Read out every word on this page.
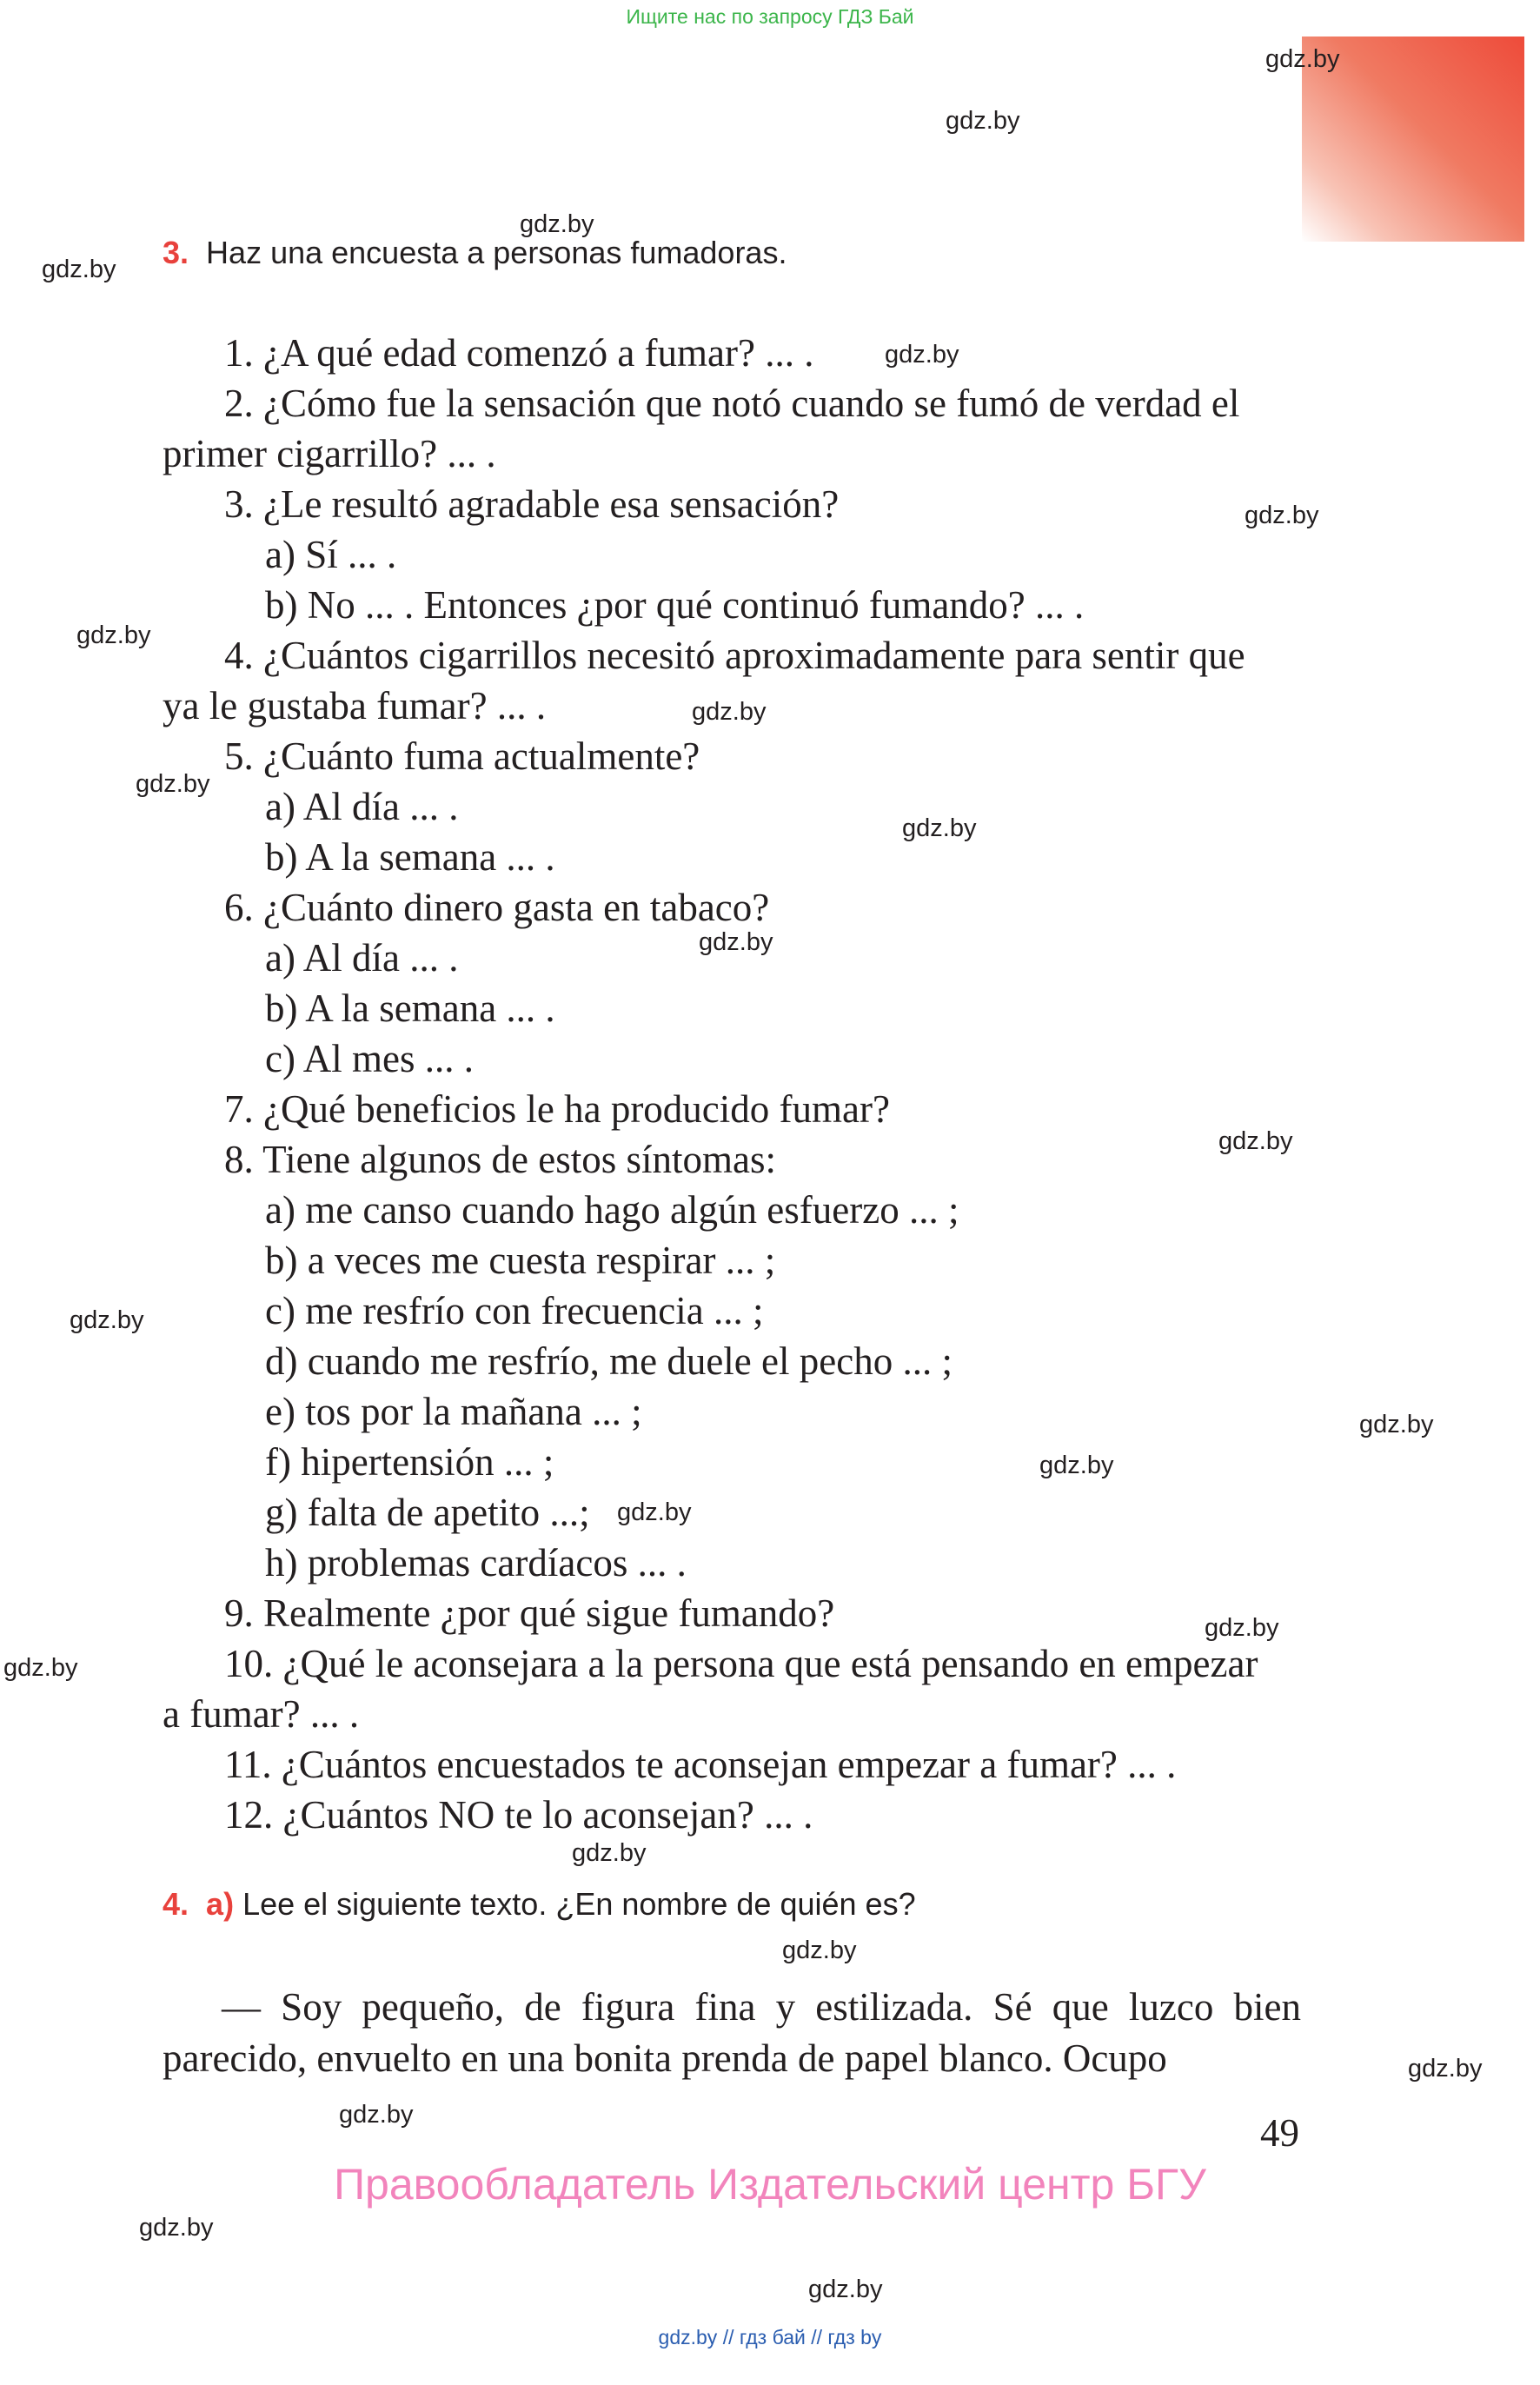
Ищите нас по запросу ГДЗ Бай
gdz.by
gdz.by
gdz.by
gdz.by
gdz.by
gdz.by
gdz.by
gdz.by
gdz.by
gdz.by
gdz.by
gdz.by
gdz.by
gdz.by
gdz.by
gdz.by
gdz.by
gdz.by
gdz.by
gdz.by
gdz.by
gdz.by
gdz.by
gdz.by
3. Haz una encuesta a personas fumadoras.
1. ¿A qué edad comenzó a fumar? ... .
2. ¿Cómo fue la sensación que notó cuando se fumó de verdad el
primer cigarrillo? ... .
3. ¿Le resultó agradable esa sensación?
a) Sí ... .
b) No ... . Entonces ¿por qué continuó fumando? ... .
4. ¿Cuántos cigarrillos necesitó aproximadamente para sentir que
ya le gustaba fumar? ... .
5. ¿Cuánto fuma actualmente?
a) Al día ... .
b) A la semana ... .
6. ¿Cuánto dinero gasta en tabaco?
a) Al día ... .
b) A la semana ... .
c) Al mes ... .
7. ¿Qué beneficios le ha producido fumar?
8. Tiene algunos de estos síntomas:
a) me canso cuando hago algún esfuerzo ... ;
b) a veces me cuesta respirar ... ;
c) me resfrío con frecuencia ... ;
d) cuando me resfrío, me duele el pecho ... ;
e) tos por la mañana ... ;
f) hipertensión ... ;
g) falta de apetito ...;
h) problemas cardíacos ... .
9. Realmente ¿por qué sigue fumando?
10. ¿Qué le aconsejara a la persona que está pensando en empezar
a fumar? ... .
11. ¿Cuántos encuestados te aconsejan empezar a fumar? ... .
12. ¿Cuántos NO te lo aconsejan? ... .
4. a) Lee el siguiente texto. ¿En nombre de quién es?
— Soy pequeño, de figura fina y estilizada. Sé que luzco bien parecido, envuelto en una bonita prenda de papel blanco. Ocupo
49
Правообладатель Издательский центр БГУ
gdz.by // гдз бай // гдз by
